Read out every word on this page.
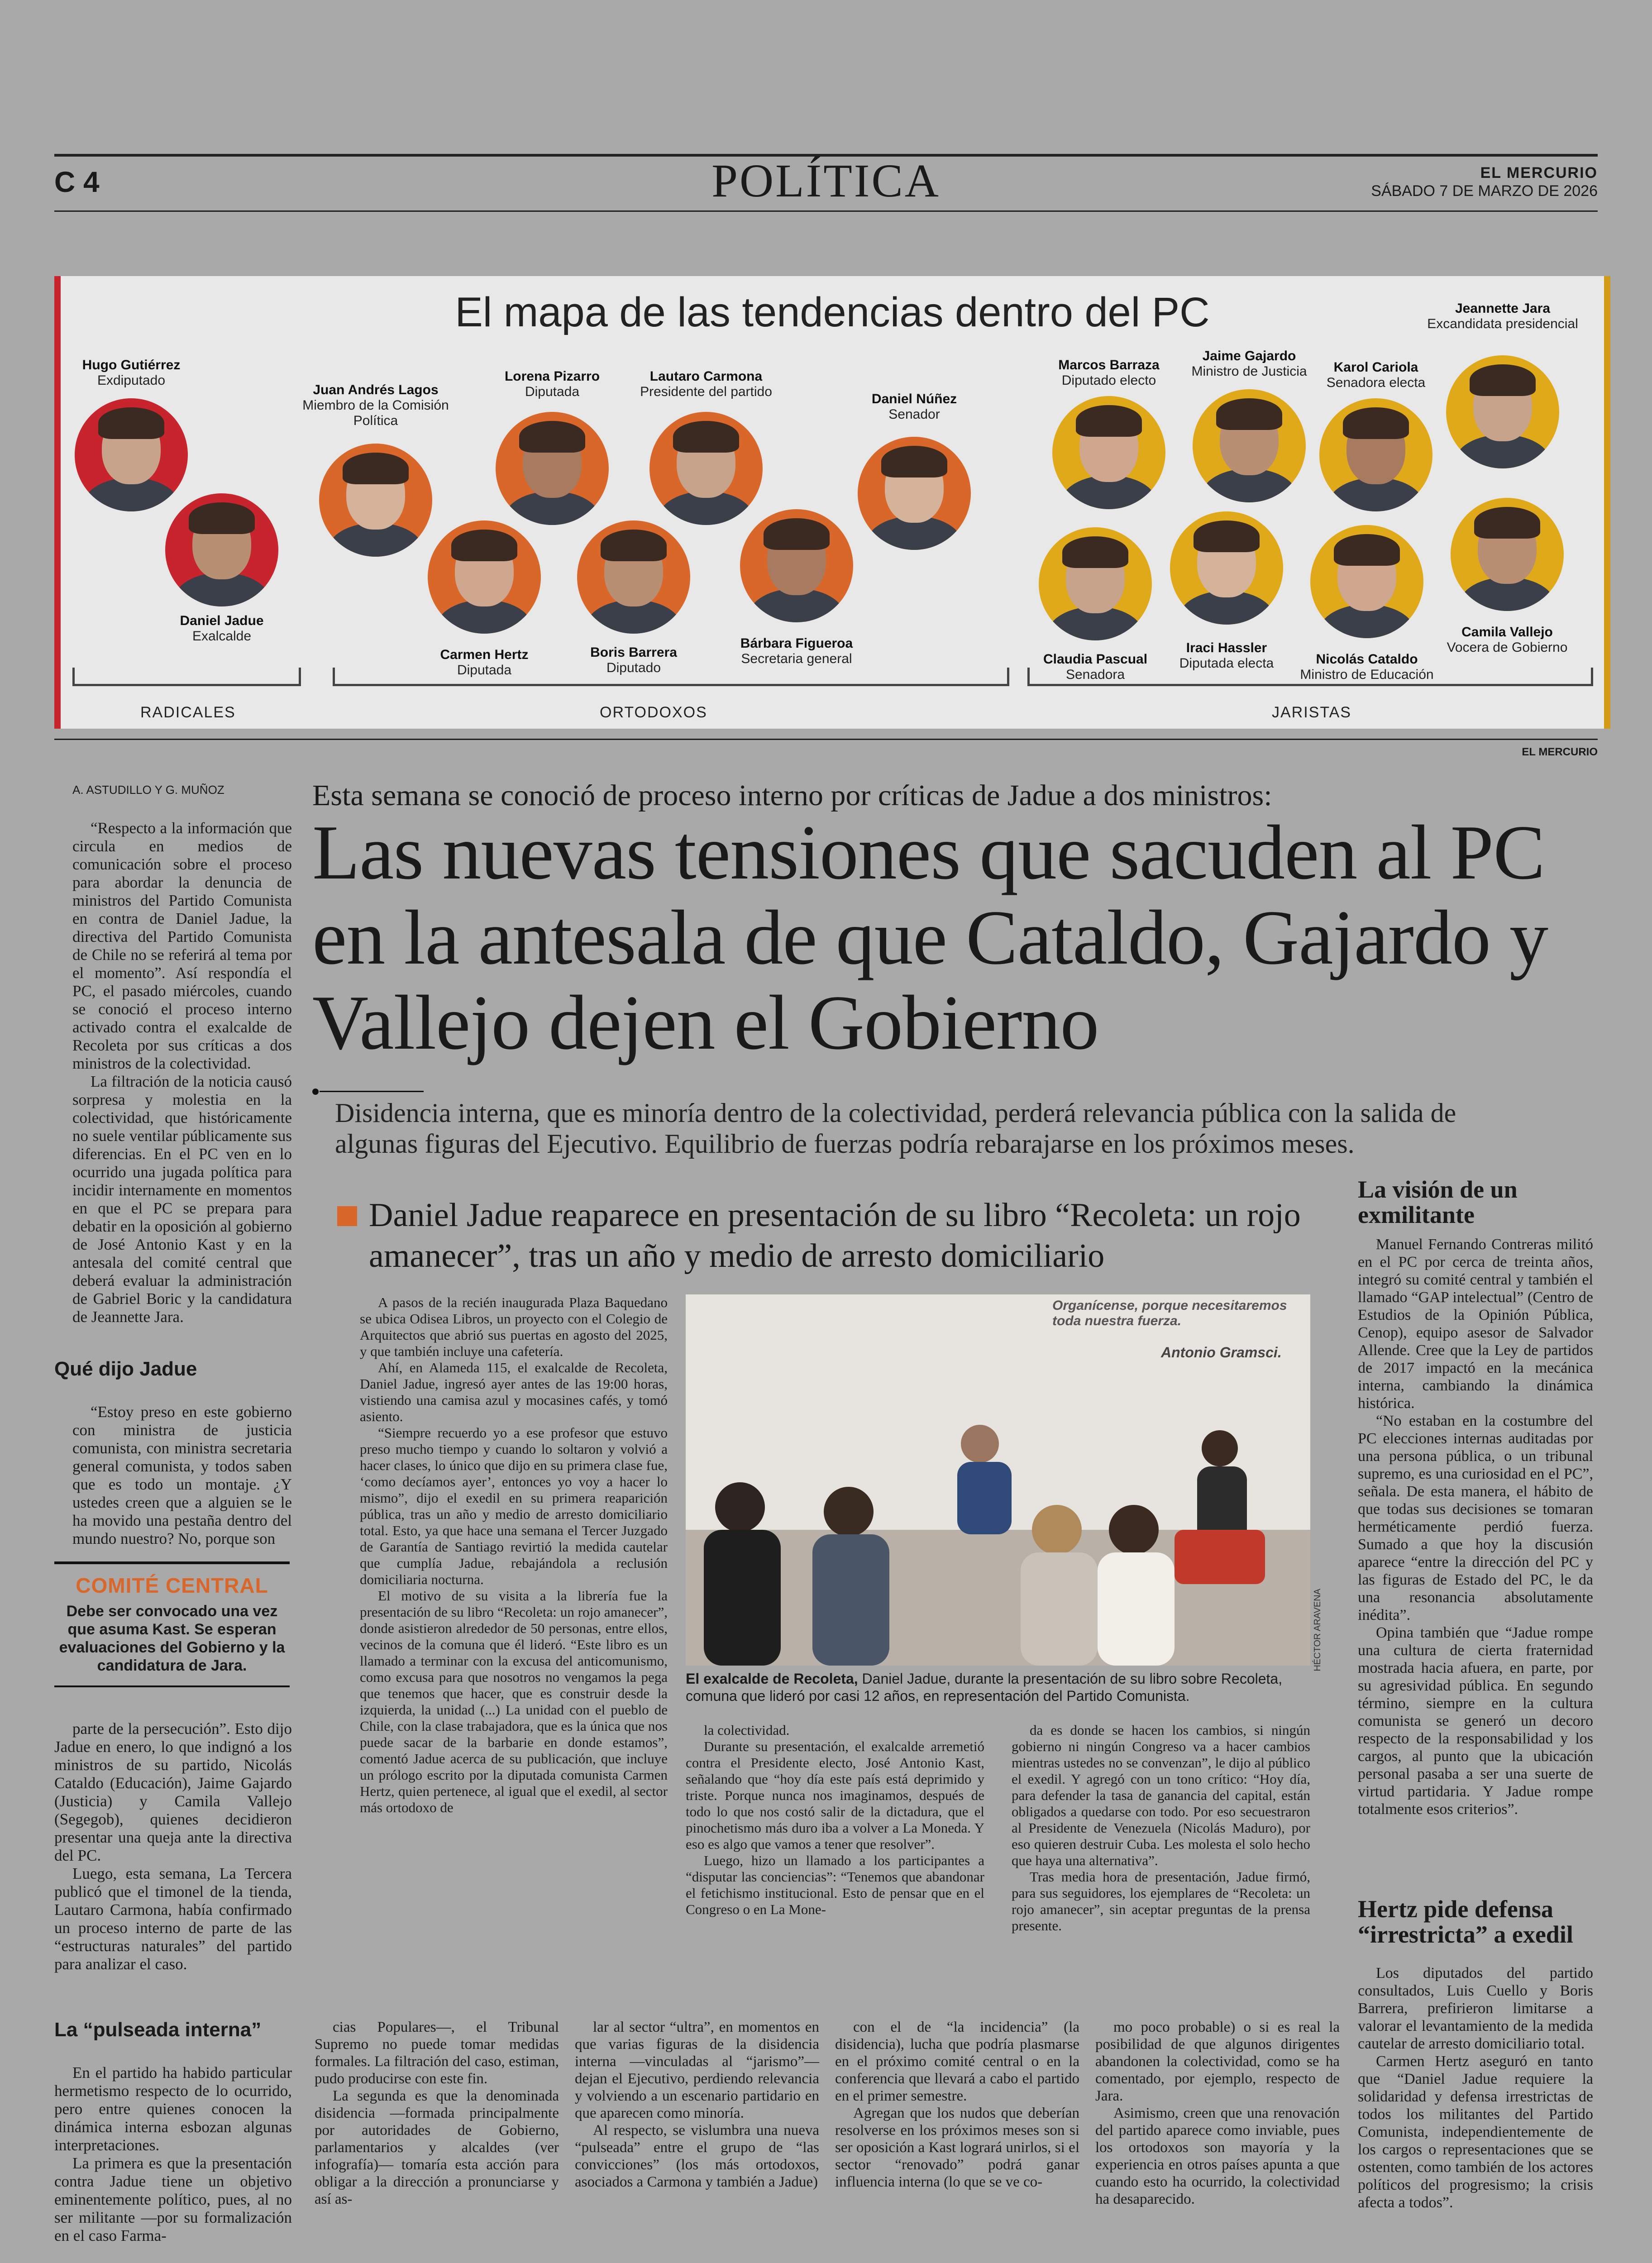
C 4	POLÍTICA	EL MERCURIO
SÁBADO 7 DE MARZO DE 2026
El mapa de las tendencias dentro del PC
Hugo Gutiérrez
Exdiputado
Daniel Jadue
Exalcalde
Juan Andrés Lagos
Miembro de la Comisión Política
Lorena Pizarro
Diputada
Carmen Hertz
Diputada
Lautaro Carmona
Presidente del partido
Boris Barrera
Diputado
Daniel Núñez
Senador
Bárbara Figueroa
Secretaria general
Marcos Barraza
Diputado electo
Claudia Pascual
Senadora
Jaime Gajardo
Ministro de Justicia
Iraci Hassler
Diputada electa
Karol Cariola
Senadora electa
Nicolás Cataldo
Ministro de Educación
Jeannette Jara
Excandidata presidencial
Camila Vallejo
Vocera de Gobierno
RADICALES	ORTODOXOS	JARISTAS
EL MERCURIO
A. ASTUDILLO Y G. MUÑOZ	Esta semana se conoció de proceso interno por críticas de Jadue a dos ministros:
Las nuevas tensiones que sacuden al PC en la antesala de que Cataldo, Gajardo y Vallejo dejen el Gobierno
Disidencia interna, que es minoría dentro de la colectividad, perderá relevancia pública con la salida de algunas figuras del Ejecutivo. Equilibrio de fuerzas podría rebarajarse en los próximos meses.
Daniel Jadue reaparece en presentación de su libro “Recoleta: un rojo amanecer”, tras un año y medio de arresto domiciliario

“Respecto a la información que circula en medios de comunicación sobre el proceso para abordar la denuncia de ministros del Partido Comunista en contra de Daniel Jadue, la directiva del Partido Comunista de Chile no se referirá al tema por el momento”. Así respondía el PC, el pasado miércoles, cuando se conoció el proceso interno activado contra el exalcalde de Recoleta por sus críticas a dos ministros de la colectividad.

La filtración de la noticia causó sorpresa y molestia en la colectividad, que históricamente no suele ventilar públicamente sus diferencias. En el PC ven en lo ocurrido una jugada política para incidir internamente en momentos en que el PC se prepara para debatir en la oposición al gobierno de José Antonio Kast y en la antesala del comité central que deberá evaluar la administración de Gabriel Boric y la candidatura de Jeannette Jara.

Qué dijo Jadue

“Estoy preso en este gobierno con ministra de justicia comunista, con ministra secretaria general comunista, y todos saben que es todo un montaje. ¿Y ustedes creen que a alguien se le ha movido una pestaña dentro del mundo nuestro? No, porque son

COMITÉ CENTRAL
Debe ser convocado una vez que asuma Kast. Se esperan evaluaciones del Gobierno y la candidatura de Jara.

parte de la persecución”. Esto dijo Jadue en enero, lo que indignó a los ministros de su partido, Nicolás Cataldo (Educación), Jaime Gajardo (Justicia) y Camila Vallejo (Segegob), quienes decidieron presentar una queja ante la directiva del PC.

Luego, esta semana, La Tercera publicó que el timonel de la tienda, Lautaro Carmona, había confirmado un proceso interno de parte de las “estructuras naturales” del partido para analizar el caso.

La “pulseada interna”

En el partido ha habido particular hermetismo respecto de lo ocurrido, pero entre quienes conocen la dinámica interna esbozan algunas interpretaciones.

La primera es que la presentación contra Jadue tiene un objetivo eminentemente político, pues, al no ser militante —por su formalización en el caso Farma-

A pasos de la recién inaugurada Plaza Baquedano se ubica Odisea Libros, un proyecto con el Colegio de Arquitectos que abrió sus puertas en agosto del 2025, y que también incluye una cafetería.

Ahí, en Alameda 115, el exalcalde de Recoleta, Daniel Jadue, ingresó ayer antes de las 19:00 horas, vistiendo una camisa azul y mocasines cafés, y tomó asiento.

“Siempre recuerdo yo a ese profesor que estuvo preso mucho tiempo y cuando lo soltaron y volvió a hacer clases, lo único que dijo en su primera clase fue, ‘como decíamos ayer’, entonces yo voy a hacer lo mismo”, dijo el exedil en su primera reaparición pública, tras un año y medio de arresto domiciliario total. Esto, ya que hace una semana el Tercer Juzgado de Garantía de Santiago revirtió la medida cautelar que cumplía Jadue, rebajándola a reclusión domiciliaria nocturna.

El motivo de su visita a la librería fue la presentación de su libro “Recoleta: un rojo amanecer”, donde asistieron alrededor de 50 personas, entre ellos, vecinos de la comuna que él lideró. “Este libro es un llamado a terminar con la excusa del anticomunismo, como excusa para que nosotros no vengamos la pega que tenemos que hacer, que es construir desde la izquierda, la unidad (...) La unidad con el pueblo de Chile, con la clase trabajadora, que es la única que nos puede sacar de la barbarie en donde estamos”, comentó Jadue acerca de su publicación, que incluye un prólogo escrito por la diputada comunista Carmen Hertz, quien pertenece, al igual que el exedil, al sector más ortodoxo de

Organícense, porque necesitaremos toda nuestra fuerza.
Antonio Gramsci.
HÉCTOR ARAVENA
El exalcalde de Recoleta, Daniel Jadue, durante la presentación de su libro sobre Recoleta, comuna que lideró por casi 12 años, en representación del Partido Comunista.

la colectividad.

Durante su presentación, el exalcalde arremetió contra el Presidente electo, José Antonio Kast, señalando que “hoy día este país está deprimido y triste. Porque nunca nos imaginamos, después de todo lo que nos costó salir de la dictadura, que el pinochetismo más duro iba a volver a La Moneda. Y eso es algo que vamos a tener que resolver”.

Luego, hizo un llamado a los participantes a “disputar las conciencias”: “Tenemos que abandonar el fetichismo institucional. Esto de pensar que en el Congreso o en La Mone-

da es donde se hacen los cambios, si ningún gobierno ni ningún Congreso va a hacer cambios mientras ustedes no se convenzan”, le dijo al público el exedil. Y agregó con un tono crítico: “Hoy día, para defender la tasa de ganancia del capital, están obligados a quedarse con todo. Por eso secuestraron al Presidente de Venezuela (Nicolás Maduro), por eso quieren destruir Cuba. Les molesta el solo hecho que haya una alternativa”.

Tras media hora de presentación, Jadue firmó, para sus seguidores, los ejemplares de “Recoleta: un rojo amanecer”, sin aceptar preguntas de la prensa presente.

cias Populares—, el Tribunal Supremo no puede tomar medidas formales. La filtración del caso, estiman, pudo producirse con este fin.

La segunda es que la denominada disidencia —formada principalmente por autoridades de Gobierno, parlamentarios y alcaldes (ver infografía)— tomaría esta acción para obligar a la dirección a pronunciarse y así as-

lar al sector “ultra”, en momentos en que varias figuras de la disidencia interna —vinculadas al “jarismo”— dejan el Ejecutivo, perdiendo relevancia y volviendo a un escenario partidario en que aparecen como minoría.

Al respecto, se vislumbra una nueva “pulseada” entre el grupo de “las convicciones” (los más ortodoxos, asociados a Carmona y también a Jadue)

con el de “la incidencia” (la disidencia), lucha que podría plasmarse en el próximo comité central o en la conferencia que llevará a cabo el partido en el primer semestre.

Agregan que los nudos que deberían resolverse en los próximos meses son si ser oposición a Kast logrará unirlos, si el sector “renovado” podrá ganar influencia interna (lo que se ve co-

mo poco probable) o si es real la posibilidad de que algunos dirigentes abandonen la colectividad, como se ha comentado, por ejemplo, respecto de Jara.

Asimismo, creen que una renovación del partido aparece como inviable, pues los ortodoxos son mayoría y la experiencia en otros países apunta a que cuando esto ha ocurrido, la colectividad ha desaparecido.

La visión de un exmilitante

Manuel Fernando Contreras militó en el PC por cerca de treinta años, integró su comité central y también el llamado “GAP intelectual” (Centro de Estudios de la Opinión Pública, Cenop), equipo asesor de Salvador Allende. Cree que la Ley de partidos de 2017 impactó en la mecánica interna, cambiando la dinámica histórica.

“No estaban en la costumbre del PC elecciones internas auditadas por una persona pública, o un tribunal supremo, es una curiosidad en el PC”, señala. De esta manera, el hábito de que todas sus decisiones se tomaran herméticamente perdió fuerza. Sumado a que hoy la discusión aparece “entre la dirección del PC y las figuras de Estado del PC, le da una resonancia absolutamente inédita”.

Opina también que “Jadue rompe una cultura de cierta fraternidad mostrada hacia afuera, en parte, por su agresividad pública. En segundo término, siempre en la cultura comunista se generó un decoro respecto de la responsabilidad y los cargos, al punto que la ubicación personal pasaba a ser una suerte de virtud partidaria. Y Jadue rompe totalmente esos criterios”.

Hertz pide defensa “irrestricta” a exedil

Los diputados del partido consultados, Luis Cuello y Boris Barrera, prefirieron limitarse a valorar el levantamiento de la medida cautelar de arresto domiciliario total.

Carmen Hertz aseguró en tanto que “Daniel Jadue requiere la solidaridad y defensa irrestrictas de todos los militantes del Partido Comunista, independientemente de los cargos o representaciones que se ostenten, como también de los actores políticos del progresismo; la crisis afecta a todos”.
